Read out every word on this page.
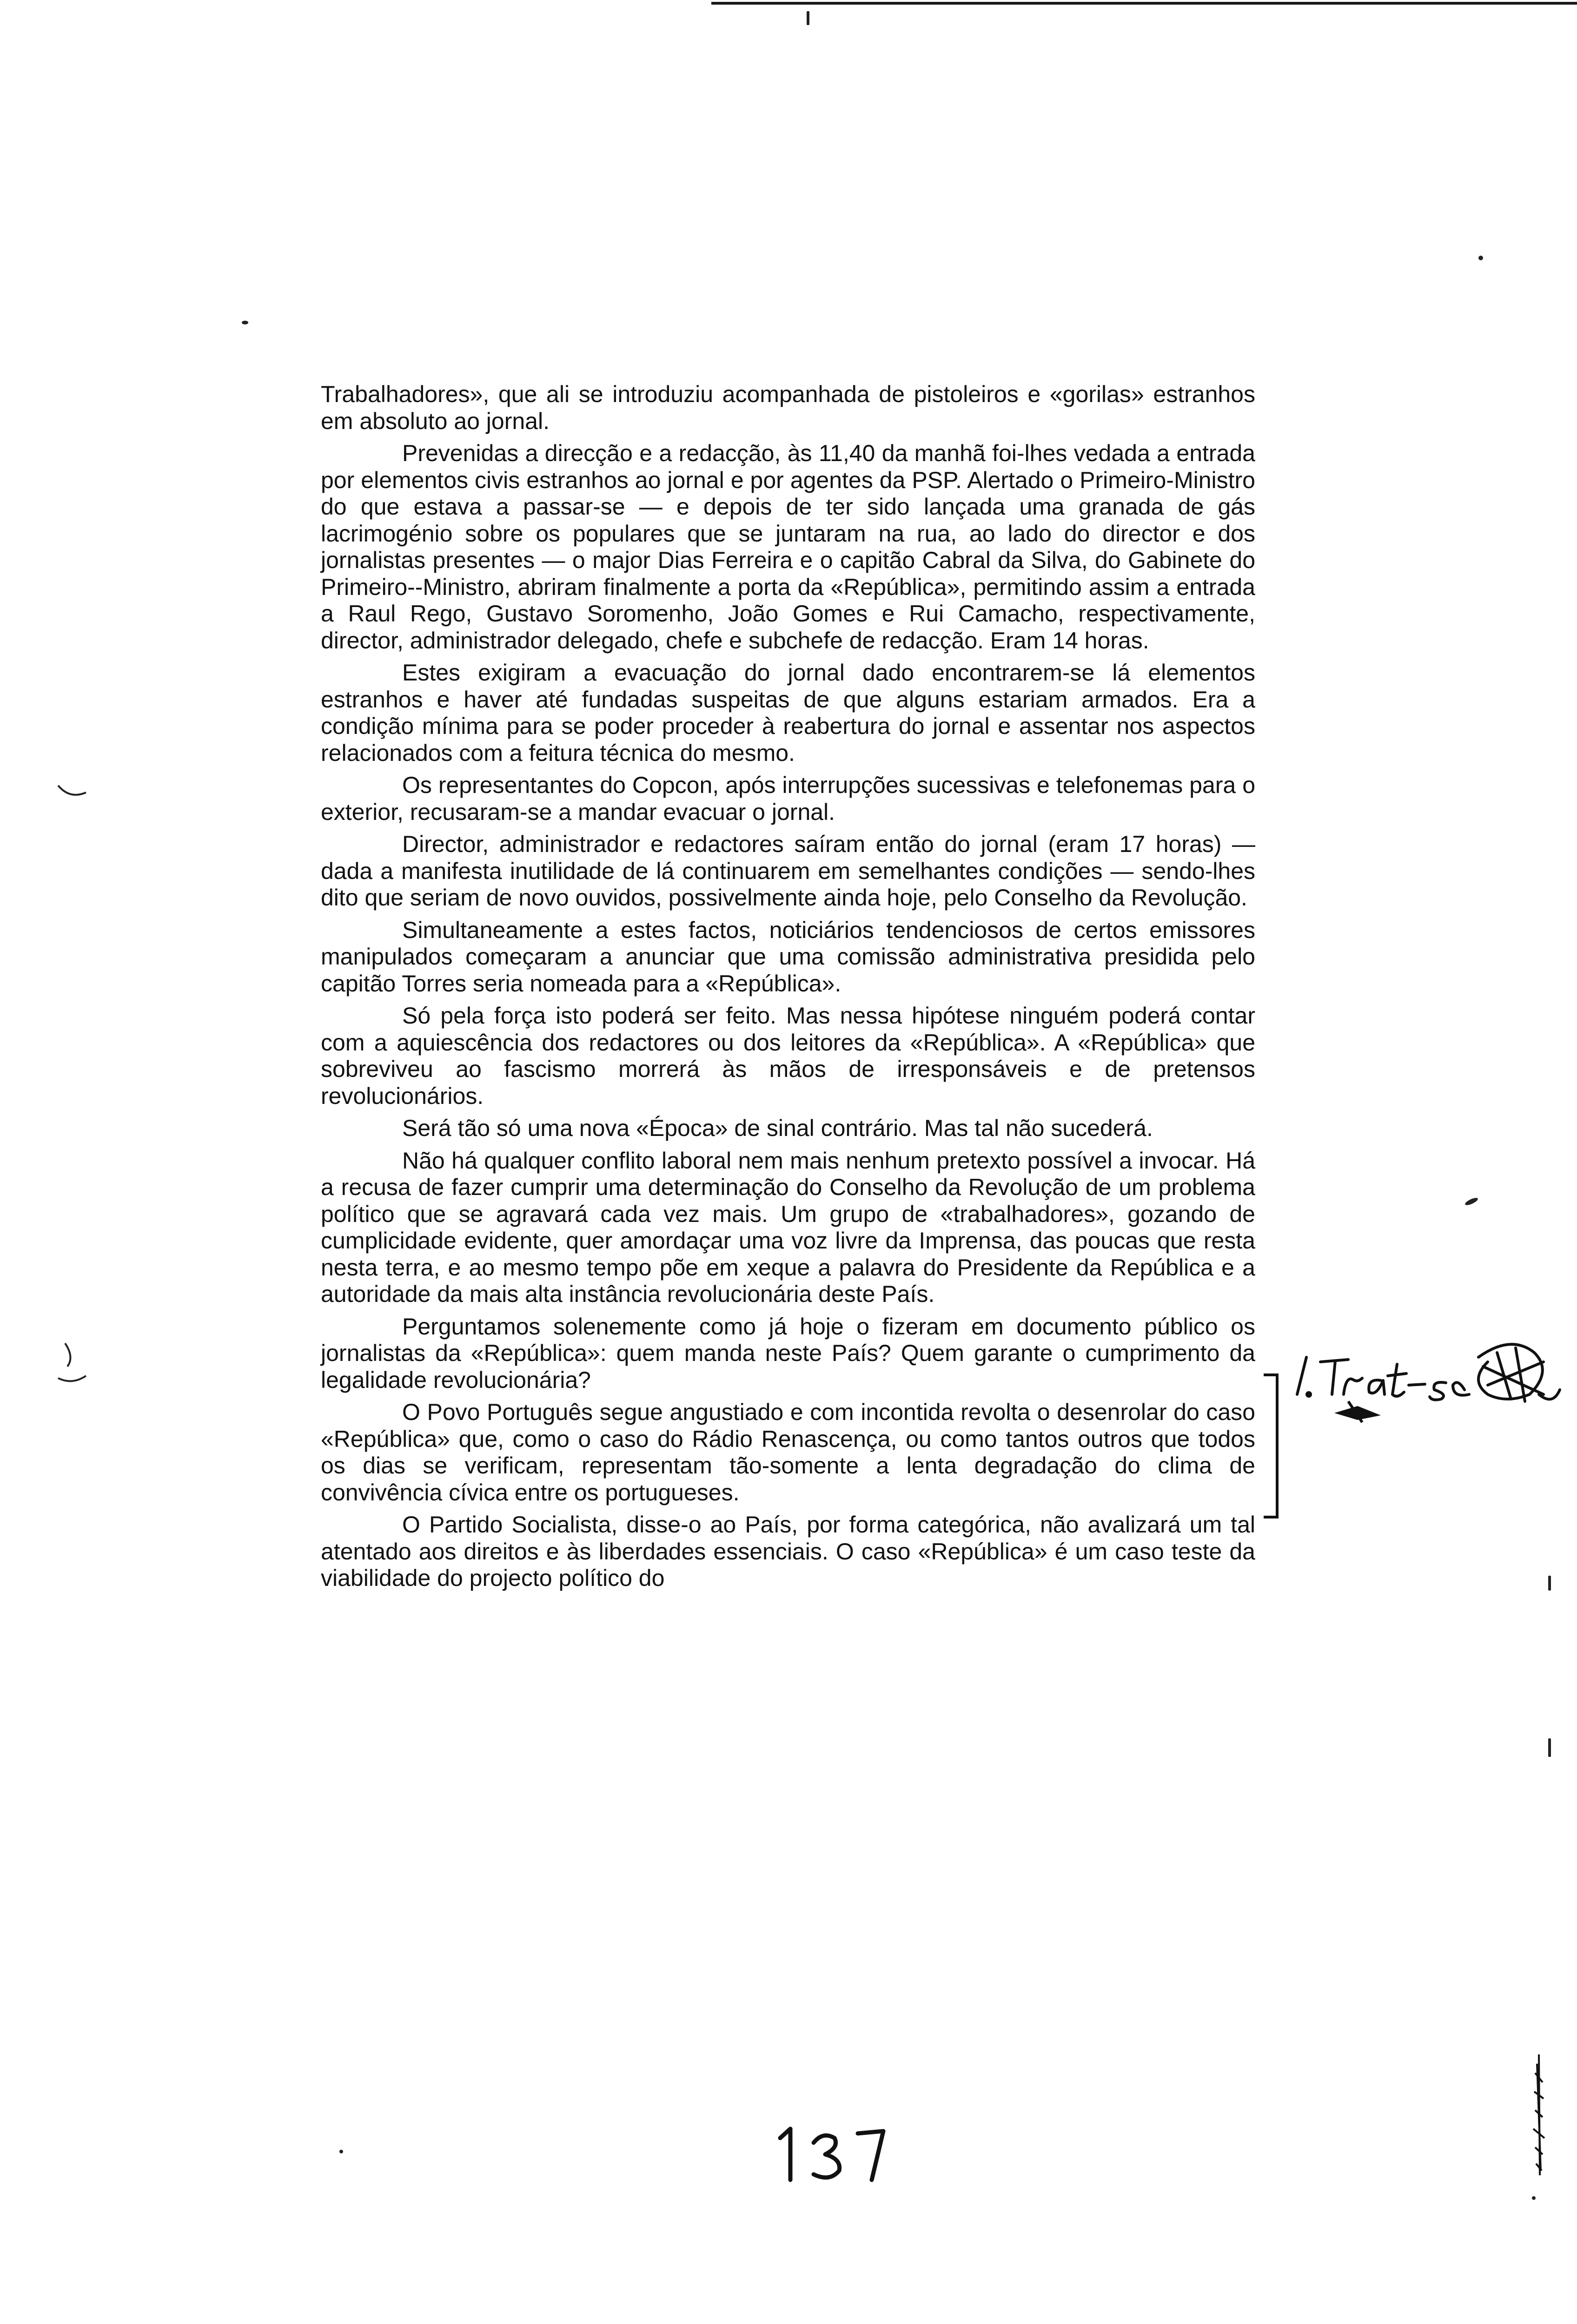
Trabalhadores», que ali se introduziu acompanhada de pistoleiros e «gorilas» estranhos em absoluto ao jornal.

Prevenidas a direcção e a redacção, às 11,40 da manhã foi-lhes vedada a entrada por elementos civis estranhos ao jornal e por agentes da PSP. Alertado o Primeiro-Ministro do que estava a passar-se — e depois de ter sido lançada uma granada de gás lacrimogénio sobre os populares que se juntaram na rua, ao lado do director e dos jornalistas presentes — o major Dias Ferreira e o capitão Cabral da Silva, do Gabinete do Primeiro--Ministro, abriram finalmente a porta da «República», permitindo assim a entrada a Raul Rego, Gustavo Soromenho, João Gomes e Rui Camacho, respectivamente, director, administrador delegado, chefe e subchefe de redacção. Eram 14 horas.

Estes exigiram a evacuação do jornal dado encontrarem-se lá elementos estranhos e haver até fundadas suspeitas de que alguns estariam armados. Era a condição mínima para se poder proceder à reabertura do jornal e assentar nos aspectos relacionados com a feitura técnica do mesmo.

Os representantes do Copcon, após interrupções sucessivas e telefonemas para o exterior, recusaram-se a mandar evacuar o jornal.

Director, administrador e redactores saíram então do jornal (eram 17 horas) — dada a manifesta inutilidade de lá continuarem em semelhantes condições — sendo-lhes dito que seriam de novo ouvidos, possivelmente ainda hoje, pelo Conselho da Revolução.

Simultaneamente a estes factos, noticiários tendenciosos de certos emissores manipulados começaram a anunciar que uma comissão administrativa presidida pelo capitão Torres seria nomeada para a «República».

Só pela força isto poderá ser feito. Mas nessa hipótese ninguém poderá contar com a aquiescência dos redactores ou dos leitores da «República». A «República» que sobreviveu ao fascismo morrerá às mãos de irresponsáveis e de pretensos revolucionários.

Será tão só uma nova «Época» de sinal contrário. Mas tal não sucederá.

Não há qualquer conflito laboral nem mais nenhum pretexto possível a invocar. Há a recusa de fazer cumprir uma determinação do Conselho da Revolução de um problema político que se agravará cada vez mais. Um grupo de «trabalhadores», gozando de cumplicidade evidente, quer amordaçar uma voz livre da Imprensa, das poucas que resta nesta terra, e ao mesmo tempo põe em xeque a palavra do Presidente da República e a autoridade da mais alta instância revolucionária deste País.

Perguntamos solenemente como já hoje o fizeram em documento público os jornalistas da «República»: quem manda neste País? Quem garante o cumprimento da legalidade revolucionária?

O Povo Português segue angustiado e com incontida revolta o desenrolar do caso «República» que, como o caso do Rádio Renascença, ou como tantos outros que todos os dias se verificam, representam tão-somente a lenta degradação do clima de convivência cívica entre os portugueses.

O Partido Socialista, disse-o ao País, por forma categórica, não avalizará um tal atentado aos direitos e às liberdades essenciais. O caso «República» é um caso teste da viabilidade do projecto político do
